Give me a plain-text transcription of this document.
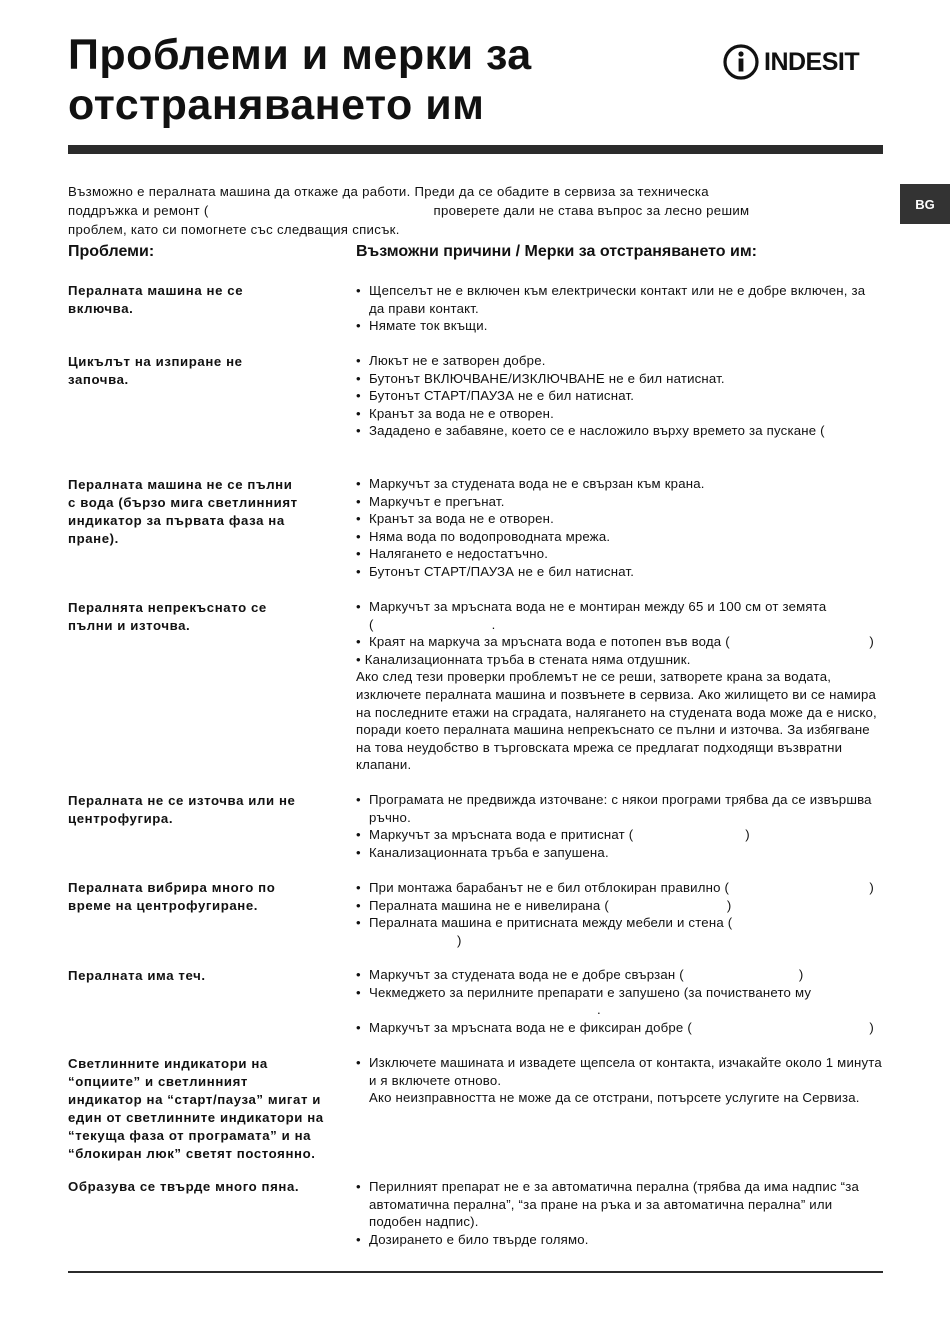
Проблеми и мерки за
отстраняването им
INDESIT
BG

Възможно е пералната машина да откаже да работи. Преди да се обадите в сервиза за техническа
поддръжка и ремонт (	проверете дали не става въпрос за лесно решим
проблем, като си помогнете със следващия списък.

Проблеми:	Възможни причини / Мерки за отстраняването им:
Пералната машина не се
включва.
• Щепселът не е включен към електрически контакт или не е добре включен, за да прави контакт.
• Нямате ток вкъщи.
Цикълът на изпиране не
започва.
• Люкът не е затворен добре.
• Бутонът ВКЛЮЧВАНЕ/ИЗКЛЮЧВАНЕ не е бил натиснат.
• Бутонът СТАРТ/ПАУЗА не е бил натиснат.
• Кранът за вода не е отворен.
• Зададено е забавяне, което се е насложило върху времето за пускане (
Пералната машина не се пълни
с вода (бързо мига светлинният
индикатор за първата фаза на
пране).
• Маркучът за студената вода не е свързан към крана.
• Маркучът е прегънат.
• Кранът за вода не е отворен.
• Няма вода по водопроводната мрежа.
• Налягането е недостатъчно.
• Бутонът СТАРТ/ПАУЗА не е бил натиснат.
Пералнята непрекъснато се
пълни и източва.
• Маркучът за мръсната вода не е монтиран между 65 и 100 см от земята
(	.
• Краят на маркуча за мръсната вода е потопен във вода (	)

• Канализационната тръба в стената няма отдушник.

Ако след тези проверки проблемът не се реши, затворете крана за водата, изключете пералната машина и позвънете в сервиза. Ако жилището ви се намира на последните етажи на сградата, налягането на студената вода може да е ниско, поради което пералната машина непрекъснато се пълни и източва. За избягване на това неудобство в търговската мрежа се предлагат подходящи възвратни клапани.

Пералната не се източва или не
центрофугира.
• Програмата не предвижда източване: с някои програми трябва да се извършва ръчно.
• Маркучът за мръсната вода е притиснат (	)
• Канализационната тръба е запушена.
Пералната вибрира много по
време на центрофугиране.
• При монтажа барабанът не е бил отблокиран правилно (	)
• Пералната машина не е нивелирана (	)
• Пералната машина е притисната между мебели и стена (
)
Пералната има теч.	• Маркучът за студената вода не е добре свързан (	)
• Чекмеджето за перилните препарати е запушено (за почистването му
.
• Маркучът за мръсната вода не е фиксиран добре (	)
Светлинните индикатори на
“опциите” и светлинният
индикатор на “старт/пауза” мигат и
един от светлинните индикатори на
“текуща фаза от програмата” и на
“блокиран люк” светят постоянно.
• Изключете машината и извадете щепсела от контакта, изчакайте около 1 минута и я включете отново.

Ако неизправността не може да се отстрани, потърсете услугите на Сервиза.

Образува се твърде много пяна.	• Перилният препарат не е за автоматична перална (трябва да има надпис “за автоматична перална”, “за пране на ръка и за автоматична перална” или подобен надпис).
• Дозирането е било твърде голямо.
